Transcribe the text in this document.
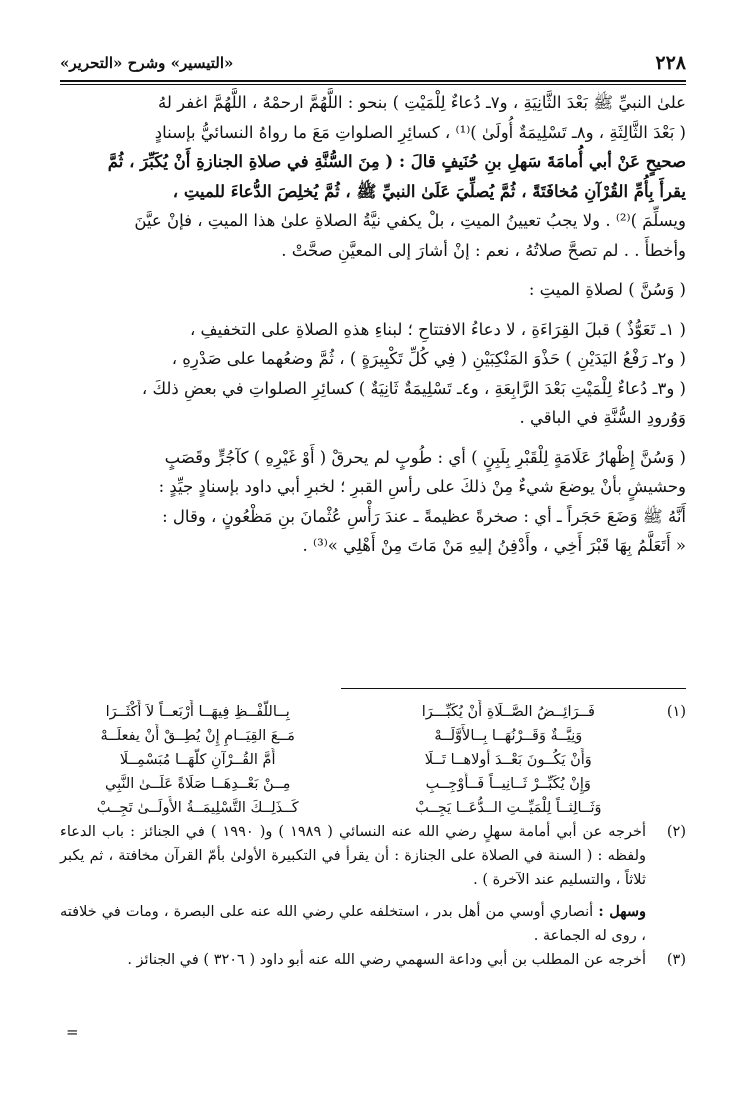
٢٢٨
«التيسير» وشرح «التحرير»

علىٰ النبيِّ ﷺ بَعْدَ الثَّانِيَةِ ، و٧ـ دُعاءٌ لِلْمَيْتِ ) بنحو : اللَّهُمَّ ارحمْهُ ، اللَّهُمَّ اغفر لهُ

( بَعْدَ الثَّالِثَةِ ، و٨ـ تَسْلِيمَةٌ أُولَىٰ )⁽¹⁾ ، كسائِرِ الصلواتِ مَعَ ما رواهُ النسائيُّ بإسنادٍ

صحيحٍ عَنْ أبي أُمامَةَ سَهلِ بنِ حُنَيفٍ قالَ : ( مِنَ السُّنَّةِ في صلاةِ الجنازةِ أَنْ يُكَبِّرَ ، ثُمَّ

يقرأَ بِأُمِّ القُرْآنِ مُخافَتَةً ، ثُمَّ يُصلِّيَ عَلَىٰ النبيِّ ﷺ ، ثُمَّ يُخلِصَ الدُّعاءَ للميتِ ،

ويسلِّمَ )⁽²⁾ . ولا يجبُ تعيينُ الميتِ ، بلْ يكفي نيَّةُ الصلاةِ علىٰ هذا الميتِ ، فإنْ عيَّنَ

وأخطأَ . . لم تصحَّ صلاتُهُ ، نعم : إنْ أشارَ إلى المعيَّنِ صحَّتْ .

( وَسُنَّ ) لصلاةِ الميتِ :

( ١ـ تَعَوُّذٌ ) قبلَ القِرَاءَةِ ، لا دعاءُ الافتتاحِ ؛ لبناءِ هذهِ الصلاةِ على التخفيفِ ،

( و٢ـ رَفْعُ اليَدَيْنِ ) حَذْوَ المَنْكِبَيْنِ ( فِي كُلِّ تَكْبِيرَةٍ ) ، ثُمَّ وضعُهما على صَدْرِهِ ،

( و٣ـ دُعاءٌ لِلْمَيْتِ بَعْدَ الرَّابِعَةِ ، و٤ـ تَسْلِيمَةٌ ثَانِيَةٌ ) كسائِرِ الصلواتِ في بعضِ ذلكَ ،

وَوُرودِ السُّنَّةِ في الباقي .

( وَسُنَّ إِظْهارُ عَلَامَةٍ لِلْقَبْرِ بِلَبِنٍ ) أي : طُوبٍ لم يحرقْ ( أَوْ غَيْرِهِ ) كآجُرٍّ وقَصَبٍ

وحشيشٍ بأنْ يوضعَ شيءٌ مِنْ ذلكَ على رأسِ القبرِ ؛ لخبرِ أبي داود بإسنادٍ جيِّدٍ :

أَنَّهُ ﷺ وَضَعَ حَجَراً ـ أي : صخرةً عظيمةً ـ عندَ رَأْسِ عُثْمانَ بنِ مَظْعُونٍ ، وقال :

« أَتَعَلَّمُ بِهَا قَبْرَ أَخِي ، وأَدْفِنُ إليهِ مَنْ مَاتَ مِنْ أَهْلِي »⁽³⁾ .

(١)
فَــرَائِــضُ الصَّــلَاةِ أَنْ يُكَبِّـــرَا
بِــاللَّفْــظِ فِيهَــا أَرْبَعــاً لاَ أَكْثَــرَا
وَنِيَّــةٌ وَقَــرْنُهَــا بِــالأَوَّلَــهْ
مَــعَ القِيَــامِ إِنْ يُطِــقْ أَنْ يفعلَــهْ
وَأَنْ يَكُــونَ بَعْــدَ أولاهــا تَــلَا
أُمَّ القُــرْآنِ كلَّهَــا مُبَسْمِــلَا
وَإِنْ يُكَبِّــرْ ثَــانِيــاً فَــأَوْجِــبِ
مِــنْ بَعْــدِهَــا صَلَاةً عَلَــىٰ النَّبِي
وَثَــالِثــاً لِلْمَيِّــتِ الــدُّعَــا يَجِــبْ
كَــذَلِــكَ التَّسْلِيمَــةُ الأُولَــىٰ تَجِــبْ
(٢)
أخرجه عن أبي أمامة سهلٍ رضي الله عنه النسائي ( ١٩٨٩ ) و( ١٩٩٠ ) في الجنائز : باب الدعاء ولفظه : ( السنة في الصلاة على الجنازة : أن يقرأ في التكبيرة الأولىٰ بأمّ القرآن مخافتة ، ثم يكبر ثلاثاً ، والتسليم عند الآخرة ) .
وسهل : أنصاري أوسي من أهل بدر ، استخلفه علي رضي الله عنه على البصرة ، ومات في خلافته ، روى له الجماعة .
(٣)
أخرجه عن المطلب بن أبي وداعة السهمي رضي الله عنه أبو داود ( ٣٢٠٦ ) في الجنائز .
=
